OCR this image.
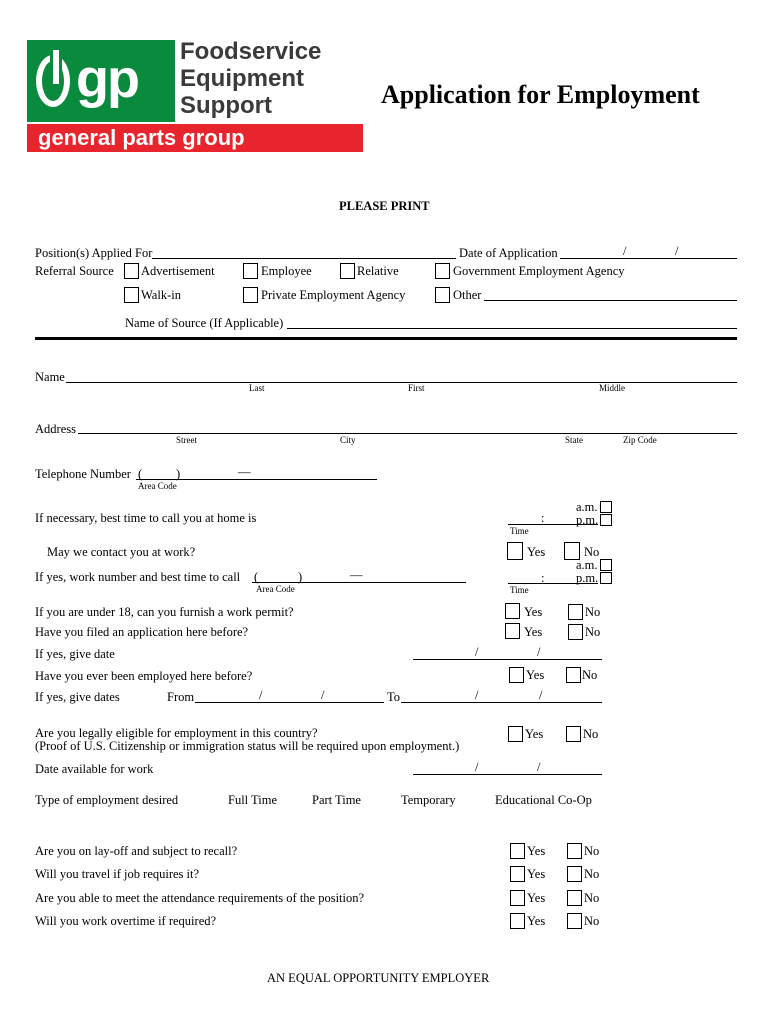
gp Foodservice
Equipment
Support
general parts group
Application for Employment
PLEASE PRINT
Position(s) Applied For	Date of Application	/	/
Referral Source Advertisement	Employee	Relative	Government Employment Agency
Walk-in	Private Employment Agency	Other
Name of Source (If Applicable)
Name
Last	First	Middle
Address
Street	City	State	Zip Code
Telephone Number (	)	—
Area Code
If necessary, best time to call you at home is	:
Time
a.m.
p.m.
May we contact you at work?	Yes	No
If yes, work number and best time to call (	)	—
Area Code
:
Time
a.m.
p.m.
If you are under 18, can you furnish a work permit?	Yes	No
Have you filed an application here before?	Yes	No
If yes, give date	/	/
Have you ever been employed here before?	Yes	No
If yes, give dates	From	/	/	To	/	/
Are you legally eligible for employment in this country?
(Proof of U.S. Citizenship or immigration status will be required upon employment.)
Yes	No
Date available for work	/	/
Type of employment desired	Full Time	Part Time	Temporary	Educational Co-Op
Are you on lay-off and subject to recall?	Yes	No
Will you travel if job requires it?	Yes	No
Are you able to meet the attendance requirements of the position?	Yes	No
Will you work overtime if required?	Yes	No
AN EQUAL OPPORTUNITY EMPLOYER
